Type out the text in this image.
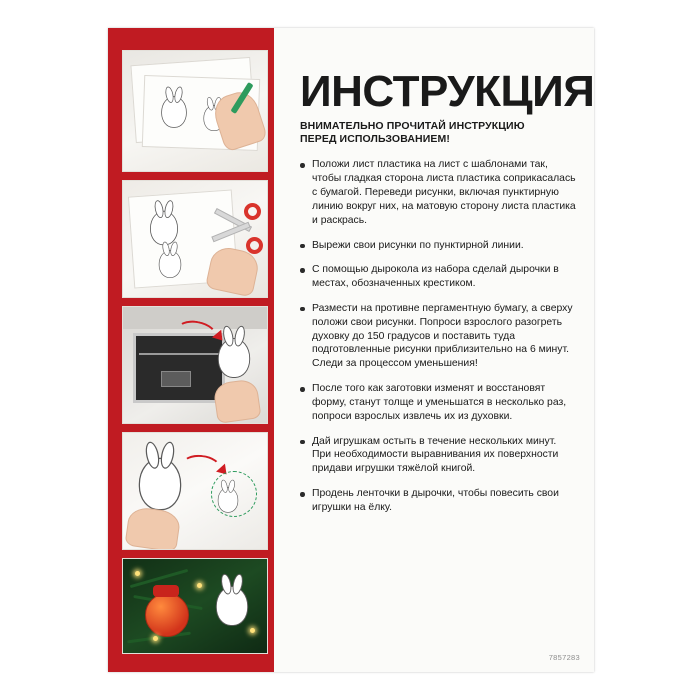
ИНСТРУКЦИЯ
ВНИМАТЕЛЬНО ПРОЧИТАЙ ИНСТРУКЦИЮ
ПЕРЕД ИСПОЛЬЗОВАНИЕМ!
Положи лист пластика на лист с шаблонами так, чтобы гладкая сторона листа пластика соприкасалась с бумагой. Переведи рисунки, включая пунктирную линию вокруг них, на матовую сторону листа пластика и раскрась.
Вырежи свои рисунки по пунктирной линии.
С помощью дырокола из набора сделай дырочки в местах, обозначенных крестиком.
Размести на противне пергаментную бумагу, а сверху положи свои рисунки. Попроси взрослого разогреть духовку до 150 градусов и поставить туда подготовленные рисунки приблизительно на 6 минут. Следи за процессом уменьшения!
После того как заготовки изменят и восстановят форму, станут толще и уменьшатся в несколько раз, попроси взрослых извлечь их из духовки.
Дай игрушкам остыть в течение нескольких минут. При необходимости выравнивания их поверхности придави игрушки тяжёлой книгой.
Продень ленточки в дырочки, чтобы повесить свои игрушки на ёлку.
7857283
